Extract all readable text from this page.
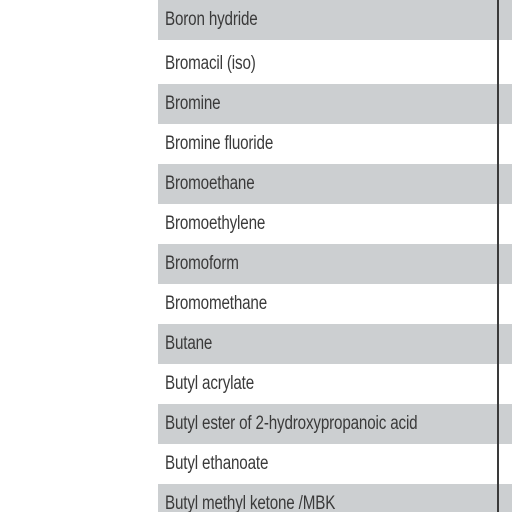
Boron hydride
Bromacil (iso)
Bromine
Bromine fluoride
Bromoethane
Bromoethylene
Bromoform
Bromomethane
Butane
Butyl acrylate
Butyl ester of 2-hydroxypropanoic acid
Butyl ethanoate
Butyl methyl ketone /MBK
